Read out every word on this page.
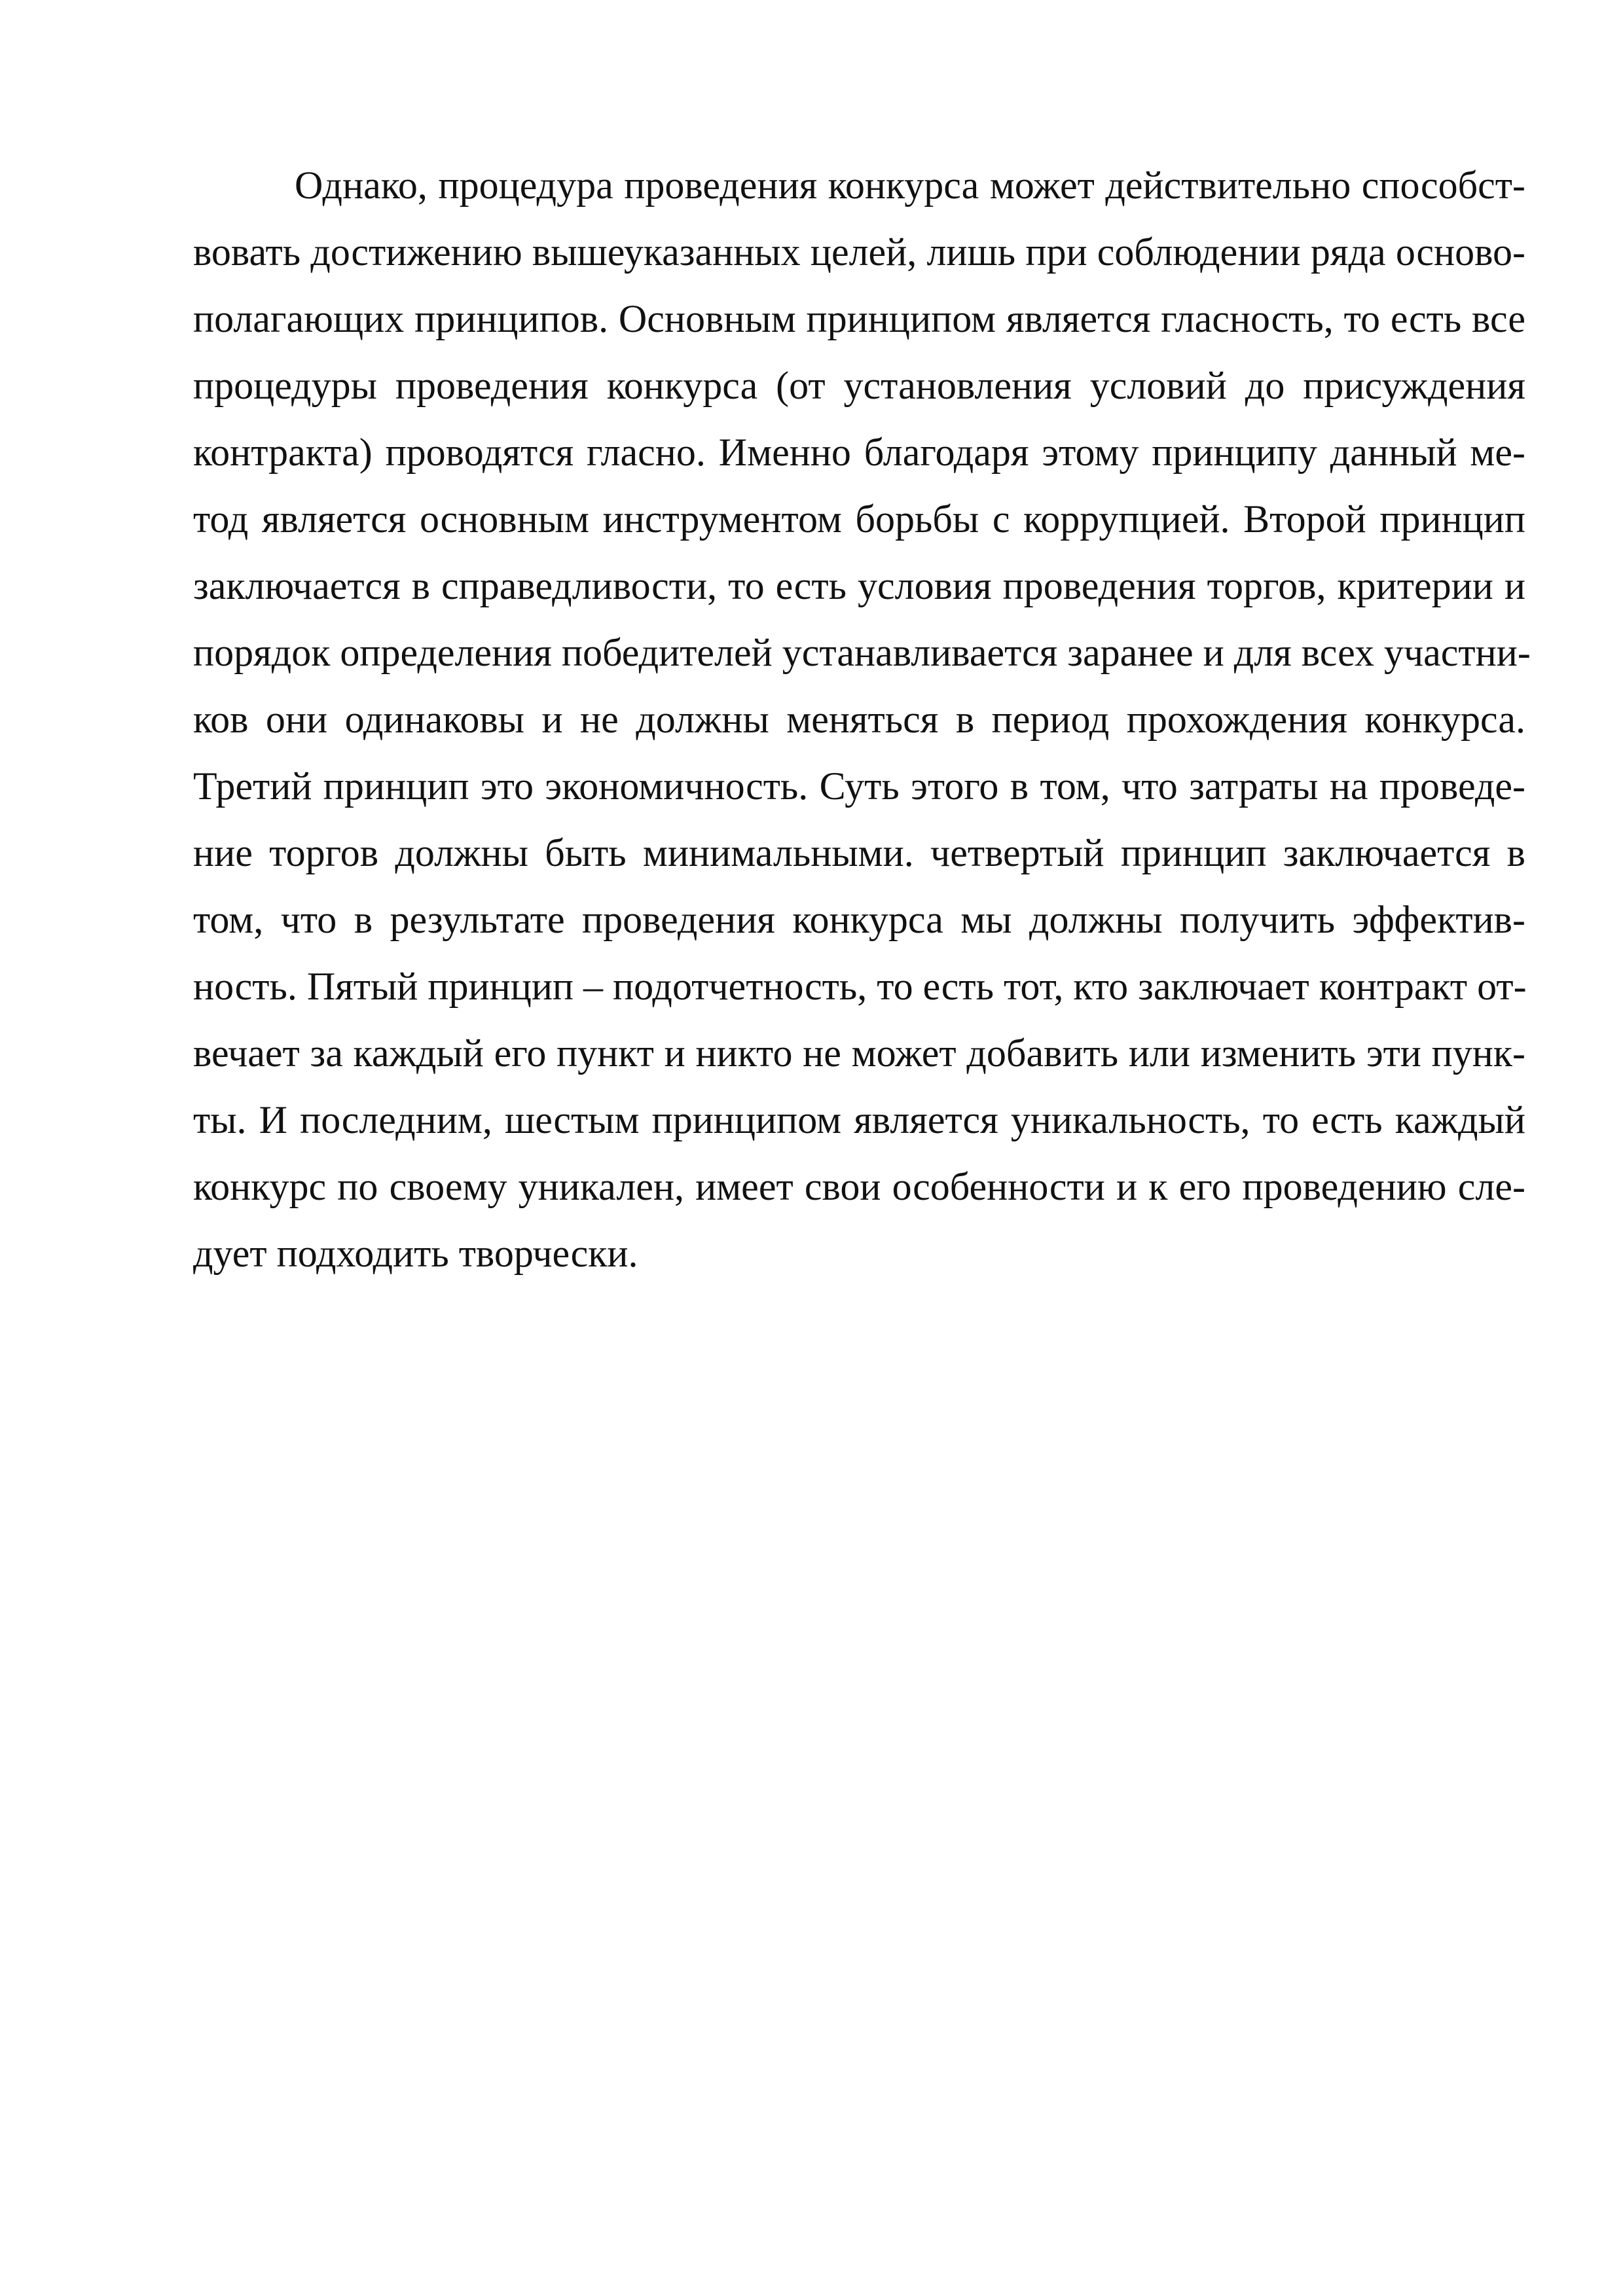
Однако, процедура проведения конкурса может действительно способст-
вовать достижению вышеуказанных целей, лишь при соблюдении ряда осново-
полагающих принципов. Основным принципом является гласность, то есть все
процедуры проведения конкурса (от установления условий до присуждения
контракта) проводятся гласно. Именно благодаря этому принципу данный ме-
тод является основным инструментом борьбы с коррупцией. Второй принцип
заключается в справедливости, то есть условия проведения торгов, критерии и
порядок определения победителей устанавливается заранее и для всех участни-
ков они одинаковы и не должны меняться в период прохождения конкурса.
Третий принцип это экономичность. Суть этого в том, что затраты на проведе-
ние торгов должны быть минимальными. четвертый принцип заключается в
том, что в результате проведения конкурса мы должны получить эффектив-
ность. Пятый принцип – подотчетность, то есть тот, кто заключает контракт от-
вечает за каждый его пункт и никто не может добавить или изменить эти пунк-
ты. И последним, шестым принципом является уникальность, то есть каждый
конкурс по своему уникален, имеет свои особенности и к его проведению сле-
дует подходить творчески.
